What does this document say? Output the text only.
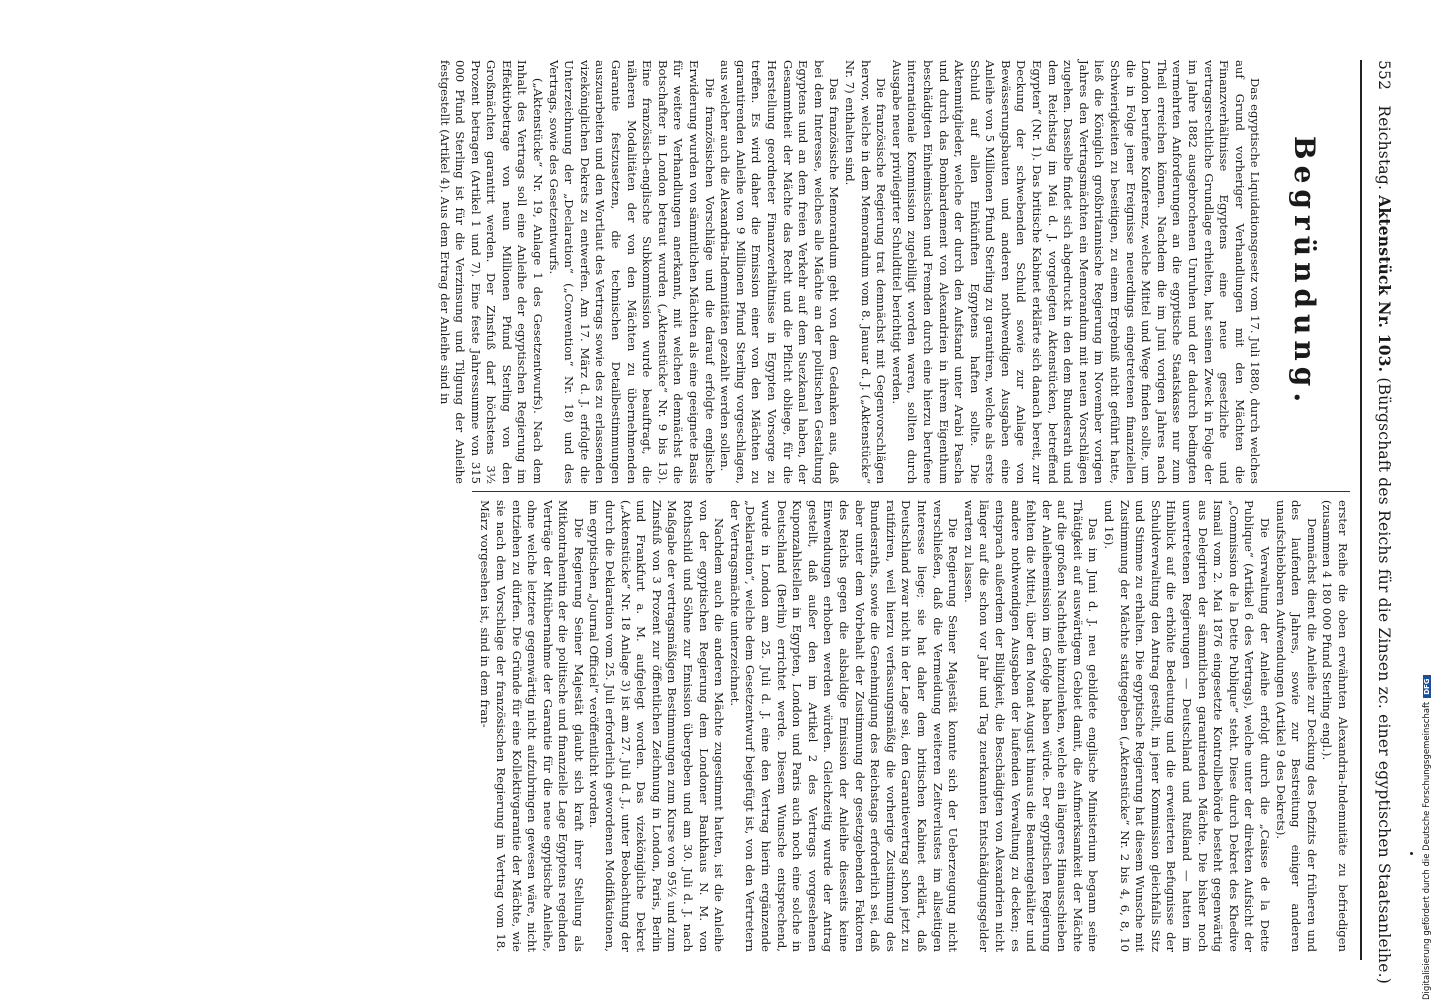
552 Reichstag. Aktenstück Nr. 103. (Bürgschaft des Reichs für die Zinsen zc. einer egyptischen Staatsanleihe.)
Begründung.

Das egyptische Liquidationsgesetz vom 17. Juli 1880, durch welches auf Grund vorheriger Verhandlungen mit den Mächten die Finanzverhältnisse Egyptens eine neue gesetzliche und vertragsrechtliche Grundlage erhielten, hat seinen Zweck in Folge der im Jahre 1882 ausgebrochenen Unruhen und der dadurch bedingten vermehrten Anforderungen an die egyptische Staatskasse nur zum Theil erreichen können. Nachdem die im Juni vorigen Jahres nach London berufene Konferenz, welche Mittel und Wege finden sollte, um die in Folge jener Ereignisse neuerdings eingetretenen finanziellen Schwierigkeiten zu beseitigen, zu einem Ergebniß nicht geführt hatte, ließ die Königlich großbritannische Regierung im November vorigen Jahres den Vertragsmächten ein Memorandum mit neuen Vorschlägen zugehen. Dasselbe findet sich abgedruckt in den dem Bundesrath und dem Reichstag im Mai d. J. vorgelegten Aktenstücken, betreffend Egypten“ (Nr. 1). Das britische Kabinet erklärte sich danach bereit, zur Deckung der schwebenden Schuld sowie zur Anlage von Bewässerungsbauten und anderen nothwendigen Ausgaben eine Anleihe von 5 Millionen Pfund Sterling zu garantiren, welche als erste Schuld auf allen Einkünften Egyptens haften sollte. Die Aktenmitglieder, welche der durch den Aufstand unter Arabi Pascha und durch das Bombardement von Alexandrien in ihrem Eigenthum beschädigten Einheimischen und Fremden durch eine hierzu berufene internationale Kommission zugebilligt worden waren, sollten durch Ausgabe neuer privilegirter Schuldtitel berichtigt werden.

Die französische Regierung trat demnächst mit Gegenvorschlägen hervor, welche in dem Memorandum vom 8. Januar d. J. („Aktenstücke“ Nr. 7) enthalten sind.

Das französische Memorandum geht von dem Gedanken aus, daß bei dem Interesse, welches alle Mächte an der politischen Gestaltung Egyptens und an dem freien Verkehr auf dem Suezkanal haben, der Gesammtheit der Mächte das Recht und die Pflicht obliege, für die Herstellung geordneter Finanzverhältnisse in Egypten Vorsorge zu treffen. Es wird daher die Emission einer von den Mächten zu garantirenden Anleihe von 9 Millionen Pfund Sterling vorgeschlagen, aus welcher auch die Alexandria-Indemnitäten gezahlt werden sollen.

Die französischen Vorschläge und die darauf erfolgte englische Erwiderung wurden von sämmtlichen Mächten als eine geeignete Basis für weitere Verhandlungen anerkannt, mit welchen demnächst die Botschafter in London betraut wurden („Aktenstücke“ Nr. 9 bis 13). Eine französisch-englische Subkommission wurde beauftragt, die näheren Modalitäten der von den Mächten zu übernehmenden Garantie festzusetzen, die technischen Detailbestimmungen auszuarbeiten und den Wortlaut des Vertrags sowie des zu erlassenden vizeköniglichen Dekrets zu entwerfen. Am 17. März d. J. erfolgte die Unterzeichnung der „Declaration“ („Convention“ Nr. 18) und des Vertrags, sowie des Gesetzentwurfs.

(„Aktenstücke“ Nr. 19, Anlage 1 des Gesetzentwurfs). Nach dem Inhalt des Vertrags soll eine Anleihe der egyptischen Regierung im Effektivbetrage von neun Millionen Pfund Sterling von den Großmächten garantirt werden. Der Zinsfuß darf höchstens 3½ Prozent betragen (Artikel 1 und 7). Eine feste Jahressumme von 315 000 Pfund Sterling ist für die Verzinsung und Tilgung der Anleihe festgestellt (Artikel 4). Aus dem Ertrag der Anleihe sind in

erster Reihe die oben erwähnten Alexandria-Indemnitäte zu befriedigen (zusammen 4 180 000 Pfund Sterling engl.).

Demnächst dient die Anleihe zur Deckung des Defizits der früheren und des laufenden Jahres, sowie zur Bestreitung einiger anderen unaufschiebbaren Aufwendungen (Artikel 9 des Dekrets).

Die Verwaltung der Anleihe erfolgt durch die „Caisse de la Dette Publique“ (Artikel 6 des Vertrags), welche unter der direkten Aufsicht der „Commission de la Dette Publique“ steht. Diese durch Dekret des Khedive Ismail vom 2. Mai 1876 eingesetzte Kontrollbehörde besteht gegenwärtig aus Delegirten der sämmtlichen garantirenden Mächte. Die bisher noch unvertretenen Regierungen — Deutschland und Rußland — hatten im Hinblick auf die erhöhte Bedeutung und die erweiterten Befugnisse der Schuldverwaltung den Antrag gestellt, in jener Kommission gleichfalls Sitz und Stimme zu erhalten. Die egyptische Regierung hat diesem Wunsche mit Zustimmung der Mächte stattgegeben („Aktenstücke“ Nr. 2 bis 4, 6, 8, 10 und 16).

Das im Juni d. J. neu gebildete englische Ministerium begann seine Thätigkeit auf auswärtigem Gebiet damit, die Aufmerksamkeit der Mächte auf die großen Nachtheile hinzulenken, welche ein längeres Hinausschieben der Anleiheemission im Gefolge haben würde. Der egyptischen Regierung fehlten die Mittel, über den Monat August hinaus die Beamtengehälter und andere nothwendigen Ausgaben der laufenden Verwaltung zu decken; es entsprach außerdem der Billigkeit, die Beschädigten von Alexandrien nicht länger auf die schon vor Jahr und Tag zuerkannten Entschädigungsgelder warten zu lassen.

Die Regierung Seiner Majestät konnte sich der Ueberzeugung nicht verschließen, daß die Vermeidung weiteren Zeitverlustes im allseitigen Interesse liege; sie hat daher dem britischen Kabinet erklärt, daß Deutschland zwar nicht in der Lage sei, den Garantievertrag schon jetzt zu ratifiziren, weil hierzu verfassungsmäßig die vorherige Zustimmung des Bundesraths, sowie die Genehmigung des Reichstags erforderlich sei, daß aber unter dem Vorbehalt der Zustimmung der gesetzgebenden Faktoren des Reichs gegen die alsbaldige Emission der Anleihe diesseits keine Einwendungen erhoben werden würden. Gleichzeitig wurde der Antrag gestellt, daß außer den im Artikel 2 des Vertrags vorgesehenen Kuponzahlstellen in Egypten, London und Paris auch noch eine solche in Deutschland (Berlin) errichtet werde. Diesem Wunsche entsprechend, wurde in London am 25. Juli d. J. eine den Vertrag hierin ergänzende „Deklaration“, welche dem Gesetzentwurf beigefügt ist, von den Vertretern der Vertragsmächte unterzeichnet.

Nachdem auch die anderen Mächte zugestimmt hatten, ist die Anleihe von der egyptischen Regierung dem Londoner Bankhaus N. M. von Rothschild und Söhne zur Emission übergeben und am 30. Juli d. J. nach Maßgabe der vertragsmäßigen Bestimmungen zum Kurse von 95½ und zum Zinsfuß von 3 Prozent zur öffentlichen Zeichnung in London, Paris, Berlin und Frankfurt a. M. aufgelegt worden. Das vizekönigliche Dekret („Aktenstücke“ Nr. 18 Anlage 3) ist am 27. Juli d. J., unter Beobachtung der durch die Deklaration vom 25. Juli erforderlich gewordenen Modifikationen, im egyptischen „Journal Officiel“ veröffentlicht worden.

Die Regierung Seiner Majestät glaubt sich kraft ihrer Stellung als Mitkontrahentin der die politische und finanzielle Lage Egyptens regelnden Verträge der Mitübernahme der Garantie für die neue egyptische Anleihe, ohne welche letztere gegenwärtig nicht aufzubringen gewesen wäre, nicht entziehen zu dürfen. Die Gründe für eine Kollektivgarantie der Mächte, wie sie nach dem Vorschlage der französischen Regierung im Vertrag vom 18. März vorgesehen ist, sind in dem fran-

Digitalisierung gefördert durch die Deutsche ForschungsgemeinschaftDFG
